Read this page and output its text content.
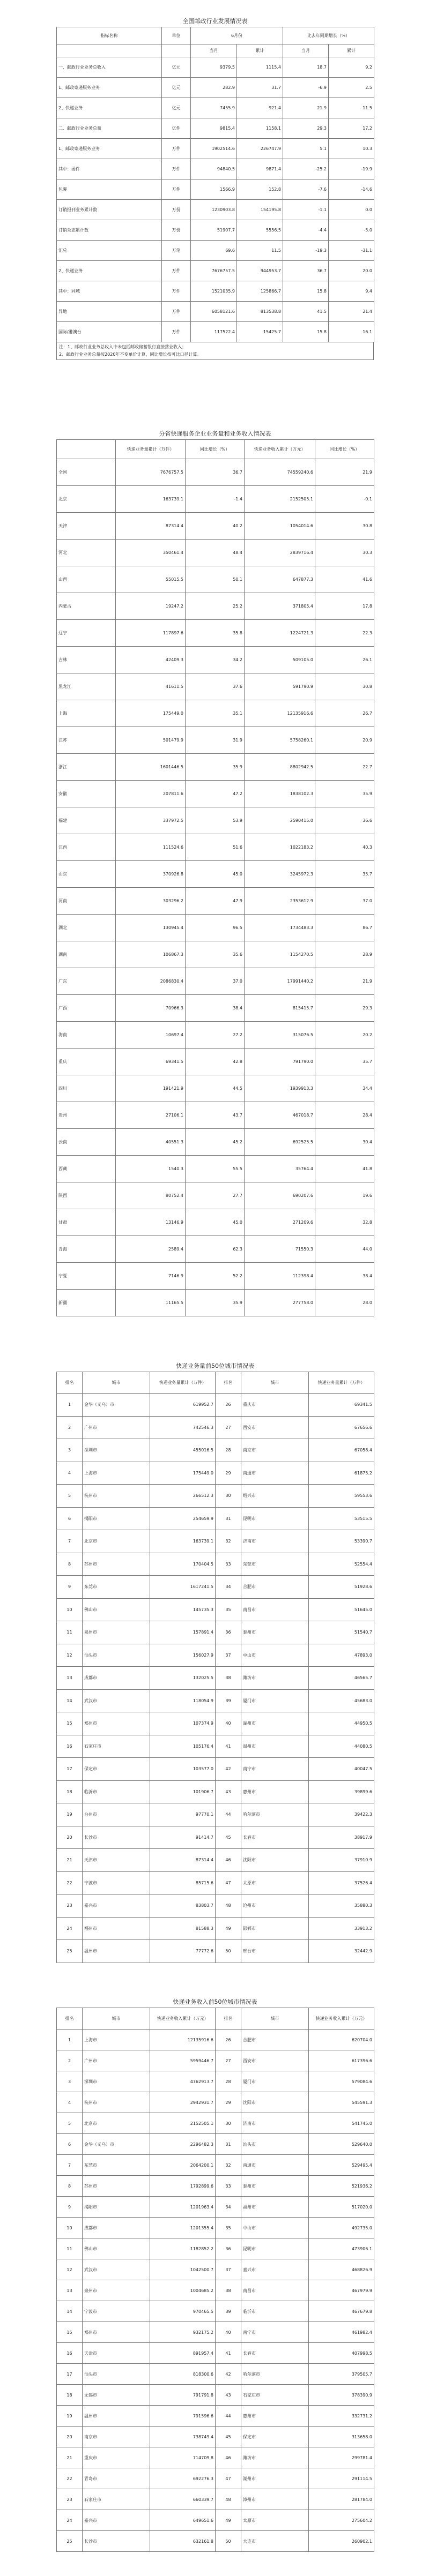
全国邮政行业发展情况表
指标名称	单位	6月份		比去年同期增长（%）	
		当月	累计	当月	累计
一、邮政行业业务总收入	亿元	9379.5	1115.4	18.7	9.2
1、邮政寄递服务业务	亿元	282.9	31.7	-6.9	2.5
2、快递业务	亿元	7455.9	921.4	21.9	11.5
二、邮政行业业务总量	亿件	9815.4	1158.1	29.3	17.2
1、邮政寄递服务业务	万件	1902514.6	226747.9	5.1	10.3
其中：函件	万件	94840.5	9871.4	-25.2	-19.9
包裹	万件	1566.9	152.8	-7.6	-14.6
订销报刊业务累计数	万份	1230903.8	154195.8	-1.1	0.0
订销杂志累计数	万份	51907.7	5556.5	-4.4	-5.0
汇兑	万笔	69.6	11.5	-19.3	-31.1
2、快递业务	万件	7676757.5	944953.7	36.7	20.0
其中：同城	万件	1521035.9	125866.7	15.8	9.4
异地	万件	6058121.6	813538.8	41.5	21.4
国际/港澳台	万件	117522.4	15425.7	15.8	16.1
注：1、邮政行业业务总收入中未包括邮政储蓄银行直接营业收入；
2、邮政行业业务总量按2020年不变单价计算，同比增长按可比口径计算。
分省快递服务企业业务量和业务收入情况表
	快递业务量累计（万件）	同比增长（%）	快递业务收入累计（万元）	同比增长（%）
全国	7676757.5	36.7	74559240.6	21.9
北京	163739.1	-1.4	2152505.1	-0.1
天津	87314.4	40.2	1054014.6	30.8
河北	350461.4	48.4	2839716.4	30.3
山西	55015.5	50.1	647877.3	41.6
内蒙古	19247.2	25.2	371805.4	17.8
辽宁	117897.6	35.8	1224721.3	22.3
吉林	42409.3	34.2	509105.0	26.1
黑龙江	41611.5	37.6	591790.9	30.8
上海	175449.0	35.1	12135916.6	26.7
江苏	501479.9	31.9	5758260.1	20.9
浙江	1601446.5	35.9	8802942.5	22.7
安徽	207811.6	47.2	1838102.3	35.9
福建	337972.5	53.9	2590415.0	36.6
江西	111524.6	51.6	1022183.2	40.3
山东	370926.8	45.0	3245972.3	35.7
河南	303296.2	47.9	2353612.9	37.0
湖北	130945.4	96.5	1734483.3	86.7
湖南	106867.3	35.6	1154270.5	28.9
广东	2086830.4	37.0	17991440.2	21.9
广西	70966.3	38.4	815415.7	29.3
海南	10697.4	27.2	315076.5	20.2
重庆	69341.5	42.8	791790.0	35.7
四川	191421.9	44.5	1939913.3	34.4
贵州	27106.1	43.7	467018.7	28.4
云南	40551.3	45.2	692525.5	30.4
西藏	1540.3	55.5	35764.4	41.8
陕西	80752.4	27.7	690207.6	19.6
甘肃	13146.9	45.0	271209.6	32.8
青海	2589.4	62.3	71550.3	44.0
宁夏	7146.9	52.2	112398.4	38.4
新疆	11165.5	35.9	277758.0	28.0
快递业务量前50位城市情况表
排名	城市	快递业务量累计（万件）	排名	城市	快递业务量累计（万件）
1	金华（义乌）市	619952.7	26	重庆市	69341.5
2	广州市	742546.3	27	西安市	67656.6
3	深圳市	455016.5	28	南京市	67058.4
4	上海市	175449.0	29	南通市	61875.2
5	杭州市	266512.3	30	绍兴市	59553.6
6	揭阳市	254659.9	31	昆明市	53515.5
7	北京市	163739.1	32	济南市	53390.7
8	苏州市	170404.5	33	东莞市	52554.4
9	东莞市	1617241.5	34	合肥市	51928.6
10	佛山市	145735.3	35	南昌市	51645.0
11	泉州市	157891.4	36	泰州市	51540.7
12	汕头市	156027.9	37	中山市	47893.0
13	成都市	132025.5	38	潍坊市	46565.7
14	武汉市	118054.9	39	厦门市	45683.0
15	郑州市	107374.9	40	湖州市	44950.5
16	石家庄市	105176.4	41	温州市	44080.5
17	保定市	103577.0	42	南宁市	40047.5
18	临沂市	101906.7	43	惠州市	39899.6
19	台州市	97770.1	44	哈尔滨市	39422.3
20	长沙市	91414.7	45	长春市	38917.9
21	天津市	87314.4	46	沈阳市	37910.9
22	宁波市	85715.6	47	太原市	37526.4
23	嘉兴市	83803.7	48	沧州市	35880.3
24	福州市	81588.3	49	邯郸市	33913.2
25	温州市	77772.6	50	邢台市	32442.9
快递业务收入前50位城市情况表
排名	城市	快递业务收入累计（万元）	排名	城市	快递业务收入累计（万元）
1	上海市	12135916.6	26	合肥市	620704.0
2	广州市	5959446.7	27	西安市	617396.6
3	深圳市	4762913.7	28	厦门市	579084.6
4	杭州市	2942931.7	29	沈阳市	545591.3
5	北京市	2152505.1	30	济南市	541745.0
6	金华（义乌）市	2296482.3	31	汕头市	529640.0
7	东莞市	2064200.1	32	南通市	529495.4
8	苏州市	1792899.6	33	泰州市	521936.2
9	揭阳市	1201963.4	34	福州市	517020.0
10	成都市	1201355.4	35	中山市	492735.0
11	佛山市	1182852.2	36	昆明市	473906.1
12	武汉市	1042500.7	37	嘉兴市	468826.9
13	泉州市	1004685.2	38	南昌市	467979.9
14	宁波市	970465.5	39	临沂市	467679.8
15	郑州市	932175.2	40	南宁市	461982.4
16	天津市	891957.4	41	长春市	407998.5
17	汕头市	818300.6	42	哈尔滨市	379505.7
18	无锡市	791791.8	43	石家庄市	378390.9
19	温州市	791596.6	44	惠州市	332731.2
20	南京市	738749.4	45	保定市	313658.0
21	重庆市	714709.8	46	潍坊市	299781.4
22	青岛市	692276.3	47	湖州市	291114.5
23	石家庄市	660339.7	48	漳州市	281784.0
24	嘉兴市	649651.6	49	太原市	275604.2
25	长沙市	632161.8	50	大连市	260902.1
